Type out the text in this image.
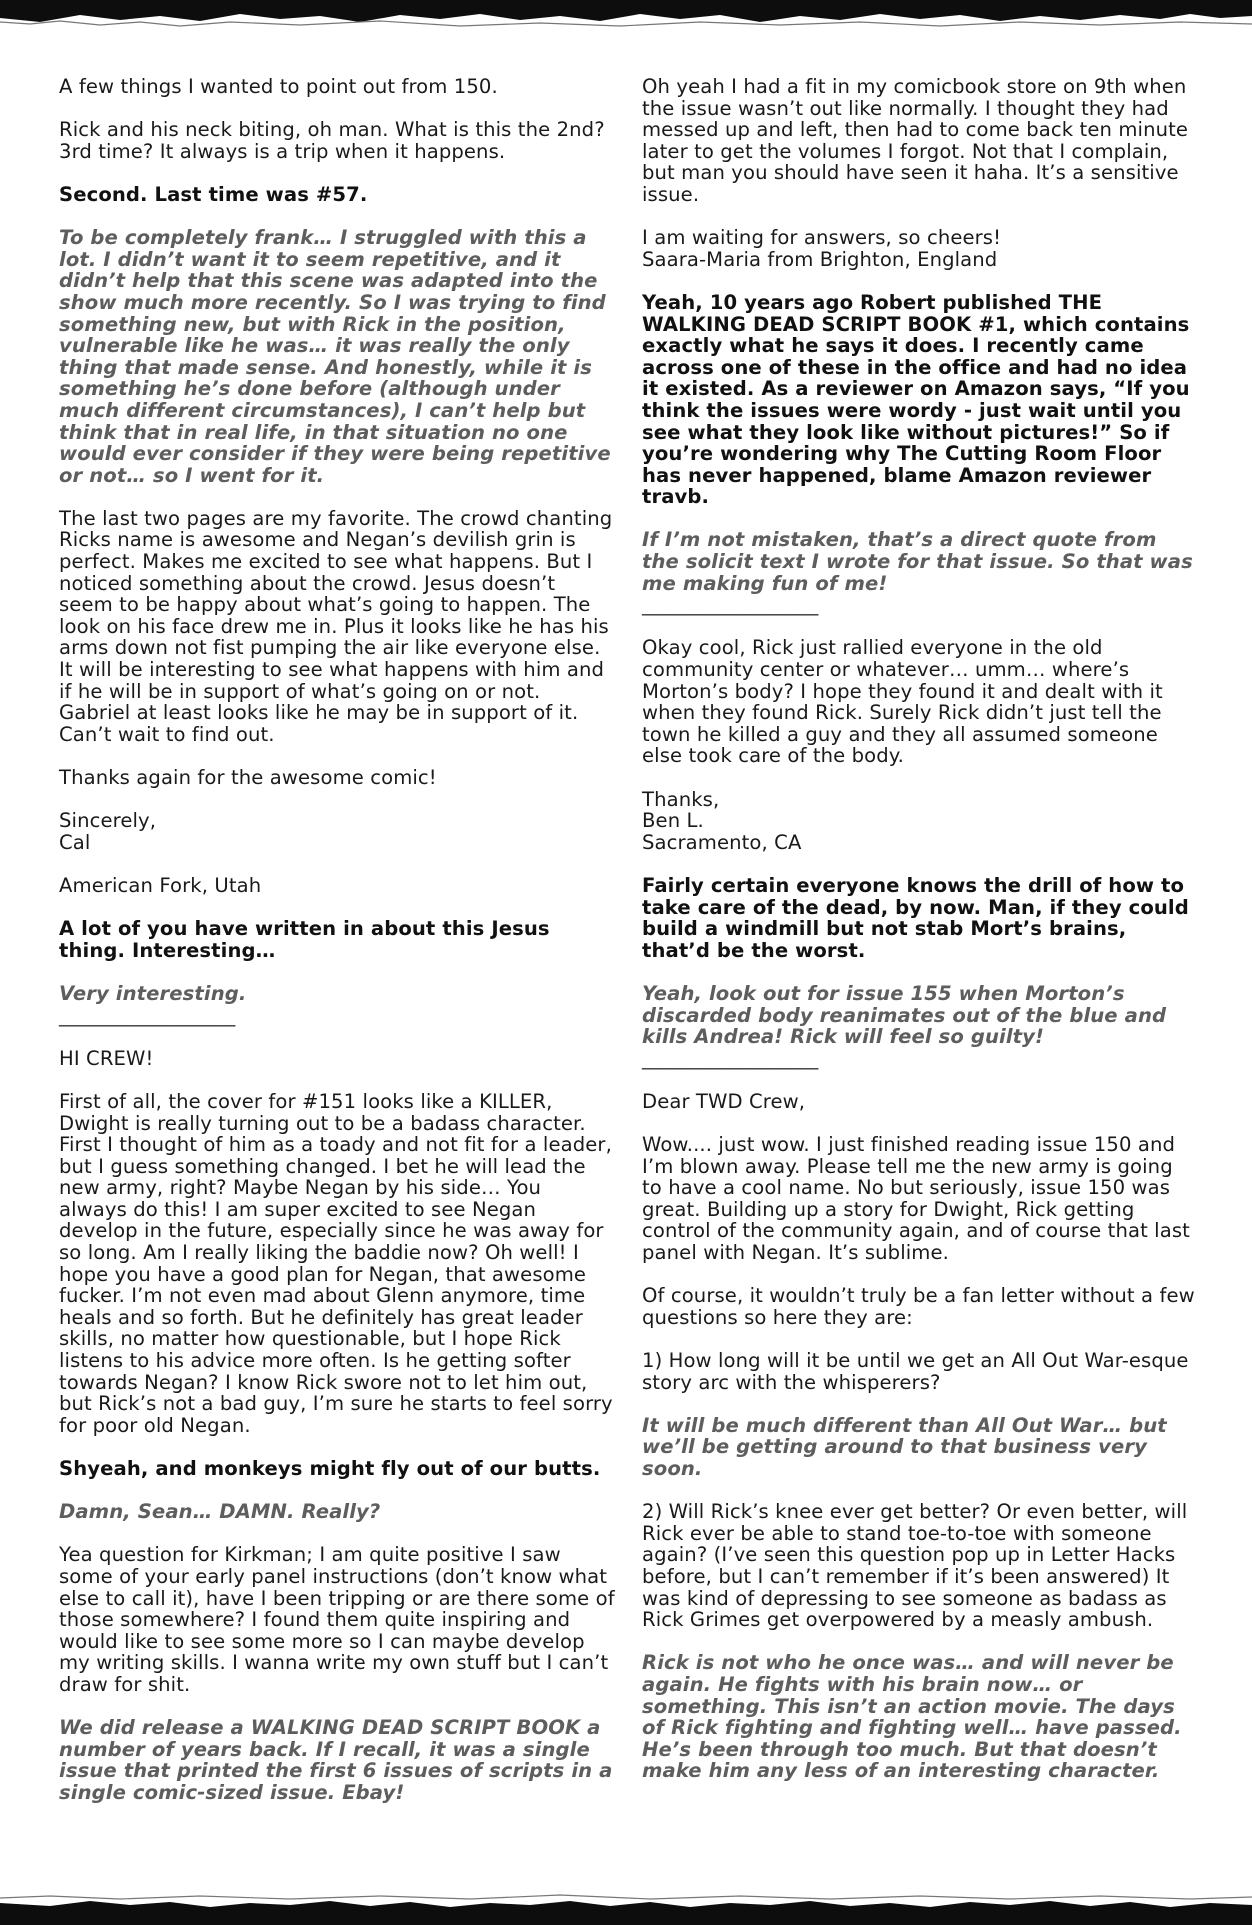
A few things I wanted to point out from 150.

Rick and his neck biting, oh man. What is this the 2nd? 3rd time? It always is a trip when it happens.

Second. Last time was #57.

To be completely frank… I struggled with this a lot. I didn’t want it to seem repetitive, and it didn’t help that this scene was adapted into the show much more recently. So I was trying to find something new, but with Rick in the position, vulnerable like he was… it was really the only thing that made sense. And honestly, while it is something he’s done before (although under much different circumstances), I can’t help but think that in real life, in that situation no one would ever consider if they were being repetitive or not… so I went for it.

The last two pages are my favorite. The crowd chanting Ricks name is awesome and Negan’s devilish grin is perfect. Makes me excited to see what happens. But I noticed something about the crowd. Jesus doesn’t seem to be happy about what’s going to happen. The look on his face drew me in. Plus it looks like he has his arms down not fist pumping the air like everyone else. It will be interesting to see what happens with him and if he will be in support of what’s going on or not. Gabriel at least looks like he may be in support of it. Can’t wait to find out.

Thanks again for the awesome comic!

Sincerely,
Cal

American Fork, Utah

A lot of you have written in about this Jesus thing. Interesting…

Very interesting.

__________________

HI CREW!

First of all, the cover for #151 looks like a KILLER, Dwight is really turning out to be a badass character. First I thought of him as a toady and not fit for a leader, but I guess something changed. I bet he will lead the new army, right? Maybe Negan by his side… You always do this! I am super excited to see Negan develop in the future, especially since he was away for so long. Am I really liking the baddie now? Oh well! I hope you have a good plan for Negan, that awesome fucker. I’m not even mad about Glenn anymore, time heals and so forth. But he definitely has great leader skills, no matter how questionable, but I hope Rick listens to his advice more often. Is he getting softer towards Negan? I know Rick swore not to let him out, but Rick’s not a bad guy, I’m sure he starts to feel sorry for poor old Negan.

Shyeah, and monkeys might fly out of our butts.

Damn, Sean… DAMN. Really?

Yea question for Kirkman; I am quite positive I saw some of your early panel instructions (don’t know what else to call it), have I been tripping or are there some of those somewhere? I found them quite inspiring and would like to see some more so I can maybe develop my writing skills. I wanna write my own stuff but I can’t draw for shit.

We did release a WALKING DEAD SCRIPT BOOK a number of years back. If I recall, it was a single issue that printed the first 6 issues of scripts in a single comic-sized issue. Ebay!

Oh yeah I had a fit in my comicbook store on 9th when the issue wasn’t out like normally. I thought they had messed up and left, then had to come back ten minute later to get the volumes I forgot. Not that I complain, but man you should have seen it haha. It’s a sensitive issue.

I am waiting for answers, so cheers!
Saara-Maria from Brighton, England

Yeah, 10 years ago Robert published THE WALKING DEAD SCRIPT BOOK #1, which contains exactly what he says it does. I recently came across one of these in the office and had no idea it existed. As a reviewer on Amazon says, “If you think the issues were wordy - just wait until you see what they look like without pictures!” So if you’re wondering why The Cutting Room Floor has never happened, blame Amazon reviewer travb.

If I’m not mistaken, that’s a direct quote from the solicit text I wrote for that issue. So that was me making fun of me!

__________________

Okay cool, Rick just rallied everyone in the old community center or whatever… umm… where’s Morton’s body? I hope they found it and dealt with it when they found Rick. Surely Rick didn’t just tell the town he killed a guy and they all assumed someone else took care of the body.

Thanks,
Ben L.
Sacramento, CA

Fairly certain everyone knows the drill of how to take care of the dead, by now. Man, if they could build a windmill but not stab Mort’s brains, that’d be the worst.

Yeah, look out for issue 155 when Morton’s discarded body reanimates out of the blue and kills Andrea! Rick will feel so guilty!

__________________

Dear TWD Crew,

Wow.... just wow. I just finished reading issue 150 and I’m blown away. Please tell me the new army is going to have a cool name. No but seriously, issue 150 was great. Building up a story for Dwight, Rick getting control of the community again, and of course that last panel with Negan. It’s sublime.

Of course, it wouldn’t truly be a fan letter without a few questions so here they are:

1) How long will it be until we get an All Out War-esque story arc with the whisperers?

It will be much different than All Out War… but we’ll be getting around to that business very soon.

2) Will Rick’s knee ever get better? Or even better, will Rick ever be able to stand toe-to-toe with someone again? (I’ve seen this question pop up in Letter Hacks before, but I can’t remember if it’s been answered) It was kind of depressing to see someone as badass as Rick Grimes get overpowered by a measly ambush.

Rick is not who he once was… and will never be again. He fights with his brain now… or something. This isn’t an action movie. The days of Rick fighting and fighting well… have passed. He’s been through too much. But that doesn’t make him any less of an interesting character.
